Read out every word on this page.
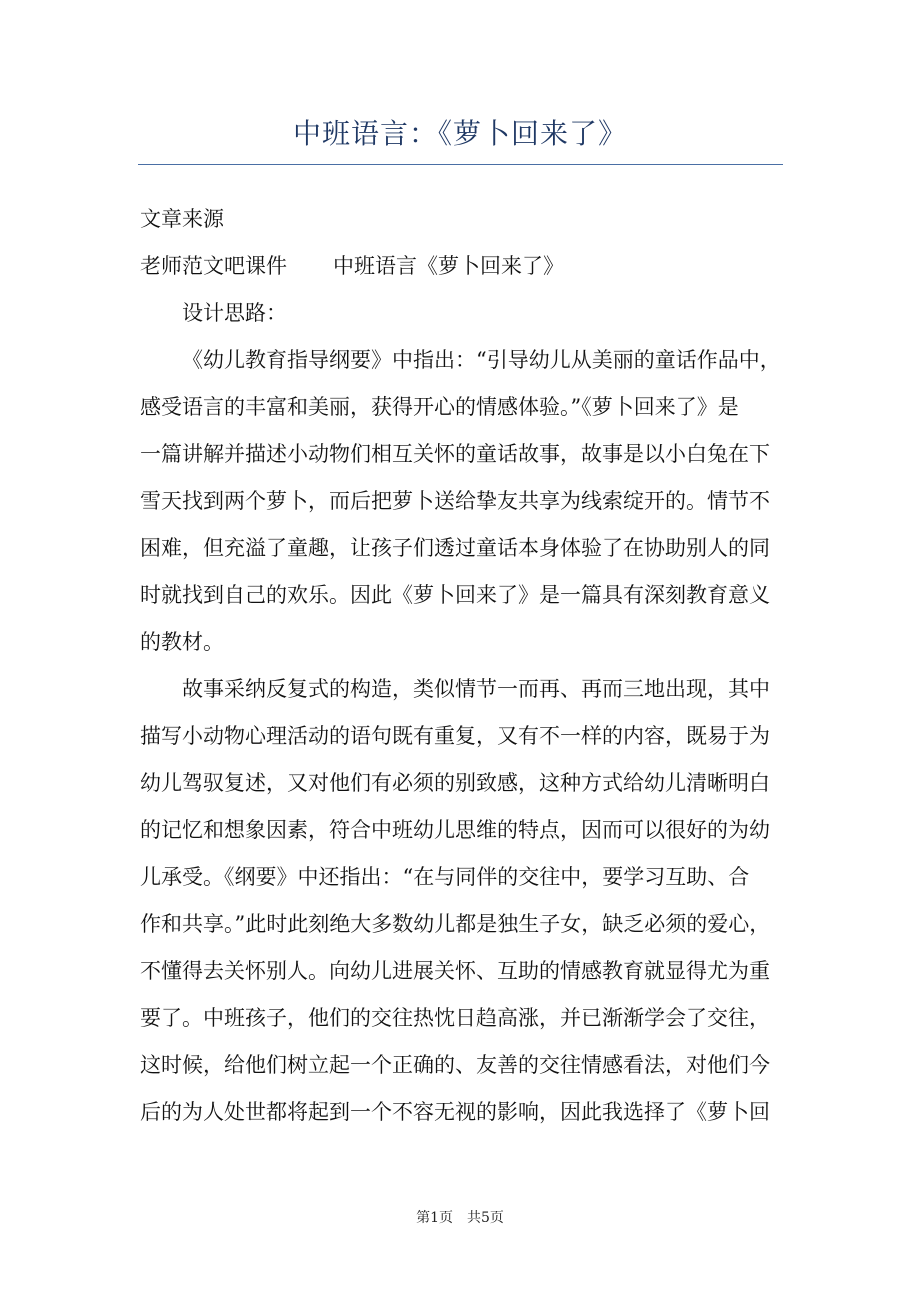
中班语言：《萝卜回来了》

文章来源

老师范文吧课件 中班语言《萝卜回来了》

设计思路：

《幼儿教育指导纲要》中指出：“引导幼儿从美丽的童话作品中，
感受语言的丰富和美丽，获得开心的情感体验。”《萝卜回来了》是
一篇讲解并描述小动物们相互关怀的童话故事，故事是以小白兔在下
雪天找到两个萝卜，而后把萝卜送给挚友共享为线索绽开的。情节不
困难，但充溢了童趣，让孩子们透过童话本身体验了在协助别人的同
时就找到自己的欢乐。因此《萝卜回来了》是一篇具有深刻教育意义
的教材。

故事采纳反复式的构造，类似情节一而再、再而三地出现，其中
描写小动物心理活动的语句既有重复，又有不一样的内容，既易于为
幼儿驾驭复述，又对他们有必须的别致感，这种方式给幼儿清晰明白
的记忆和想象因素，符合中班幼儿思维的特点，因而可以很好的为幼
儿承受。《纲要》中还指出：“在与同伴的交往中，要学习互助、合
作和共享。”此时此刻绝大多数幼儿都是独生子女，缺乏必须的爱心，
不懂得去关怀别人。向幼儿进展关怀、互助的情感教育就显得尤为重
要了。中班孩子，他们的交往热忱日趋高涨，并已渐渐学会了交往，
这时候，给他们树立起一个正确的、友善的交往情感看法，对他们今
后的为人处世都将起到一个不容无视的影响，因此我选择了《萝卜回

第1页 共5页
